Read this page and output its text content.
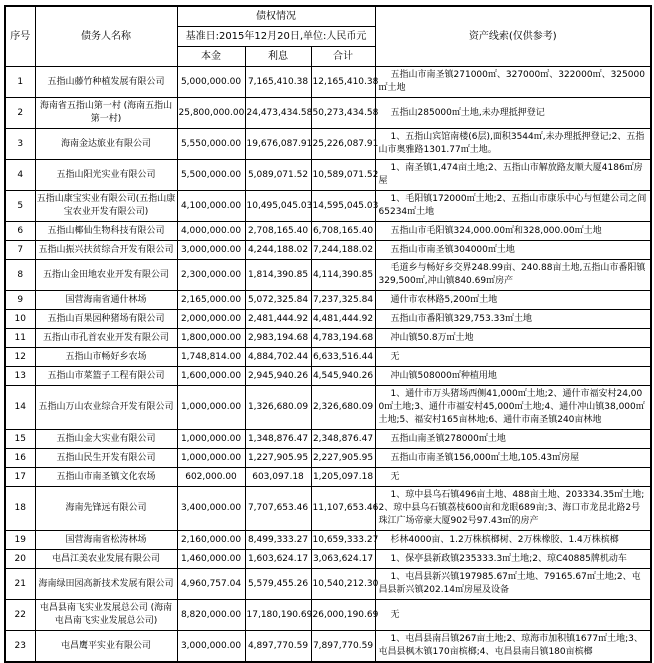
序号	债务人名称	债权情况			资产线索(仅供参考)
		基准日:2015年12月20日,单位:人民币元			
		本金	利息	合计	
1	五指山藤竹种植发展有限公司	5,000,000.00	7,165,410.38	12,165,410.38	五指山市南圣镇271000㎡、327000㎡、322000㎡、325000㎡土地
2	海南省五指山第一村 (海南五指山第一村)	25,800,000.00	24,473,434.58	50,273,434.58	五指山285000㎡土地,未办理抵押登记
3	海南金达旅业有限公司	5,550,000.00	19,676,087.91	25,226,087.91	1、五指山宾馆南楼(6层),面积3544㎡,未办理抵押登记;2、五指山市奥雅路1301.77㎡土地。
4	五指山阳光实业有限公司	5,500,000.00	5,089,071.52	10,589,071.52	1、南圣镇1,474亩土地;2、五指山市解放路友顺大厦4186㎡房屋
5	五指山康宝实业有限公司(五指山康宝农业开发有限公司)	4,100,000.00	10,495,045.03	14,595,045.03	1、毛阳镇172000㎡土地;2、五指山市康乐中心与恒建公司之间65234㎡土地
6	五指山椰仙生物科技有限公司	4,000,000.00	2,708,165.40	6,708,165.40	五指山市毛阳镇324,000.00㎡和328,000.00㎡土地
7	五指山振兴扶贫综合开发有限公司	3,000,000.00	4,244,188.02	7,244,188.02	五指山市南圣镇304000㎡土地
8	五指山金田地农业开发有限公司	2,300,000.00	1,814,390.85	4,114,390.85	毛道乡与畅好乡交界248.99亩、240.88亩土地,五指山市番阳镇329,500㎡,冲山镇840.69㎡房产
9	国营海南省通什林场	2,165,000.00	5,072,325.84	7,237,325.84	通什市农林路5,200㎡土地
10	五指山百果园种猪场有限公司	2,000,000.00	2,481,444.92	4,481,444.92	五指山市番阳镇329,753.33㎡土地
11	五指山市孔首农业开发有限公司	1,800,000.00	2,983,194.68	4,783,194.68	冲山镇50.8万㎡土地
12	五指山市畅好乡农场	1,748,814.00	4,884,702.44	6,633,516.44	无
13	五指山市菜篮子工程有限公司	1,600,000.00	2,945,940.26	4,545,940.26	冲山镇508000㎡种植用地
14	五指山万山农业综合开发有限公司	1,000,000.00	1,326,680.09	2,326,680.09	1、通什市万头猪场西侧41,000㎡土地;2、通什市福安村24,000㎡土地;3、通什市福安村45,000㎡土地;4、通什冲山镇38,000㎡土地;5、福安村165亩林地;6、通什市南圣镇240亩林地
15	五指山金大实业有限公司	1,000,000.00	1,348,876.47	2,348,876.47	五指山南圣镇278000㎡土地
16	五指山民生开发有限公司	1,000,000.00	1,227,905.95	2,227,905.95	五指山市南圣镇156,000㎡土地,105.43㎡房屋
17	五指山市南圣镇文化农场	602,000.00	603,097.18	1,205,097.18	无
18	海南先锋远有限公司	3,400,000.00	7,707,653.46	11,107,653.46	1、琼中县乌石镇496亩土地、488亩土地、203334.35㎡土地;2、琼中县乌石镇荔枝600亩和龙眼689亩;3、海口市龙昆北路2号珠江广场帝豪大厦902号97.43㎡的房产
19	国营海南省松涛林场	2,160,000.00	8,499,333.27	10,659,333.27	杉林4000亩、1.2万株槟榔树、2万株橡胶、1.4万株槟榔
20	屯昌江美农业发展有限公司	1,460,000.00	1,603,624.17	3,063,624.17	1、保亭县新政镇235333.3㎡土地;2、琼C40885牌机动车
21	海南绿田园高新技术发展有限公司	4,960,757.04	5,579,455.26	10,540,212.30	1、屯昌县新兴镇197985.67㎡土地、79165.67㎡土地;2、屯昌县新兴镇202.14㎡房屋及设备
22	屯昌县南飞实业发展总公司 (海南屯昌南飞实业发展总公司)	8,820,000.00	17,180,190.69	26,000,190.69	无
23	屯昌鹰平实业有限公司	3,000,000.00	4,897,770.59	7,897,770.59	1、屯昌县南吕镇267亩土地;2、琼海市加积镇1677㎡土地;3、屯昌县枫木镇170亩槟榔;4、屯昌县南吕镇180亩槟榔
